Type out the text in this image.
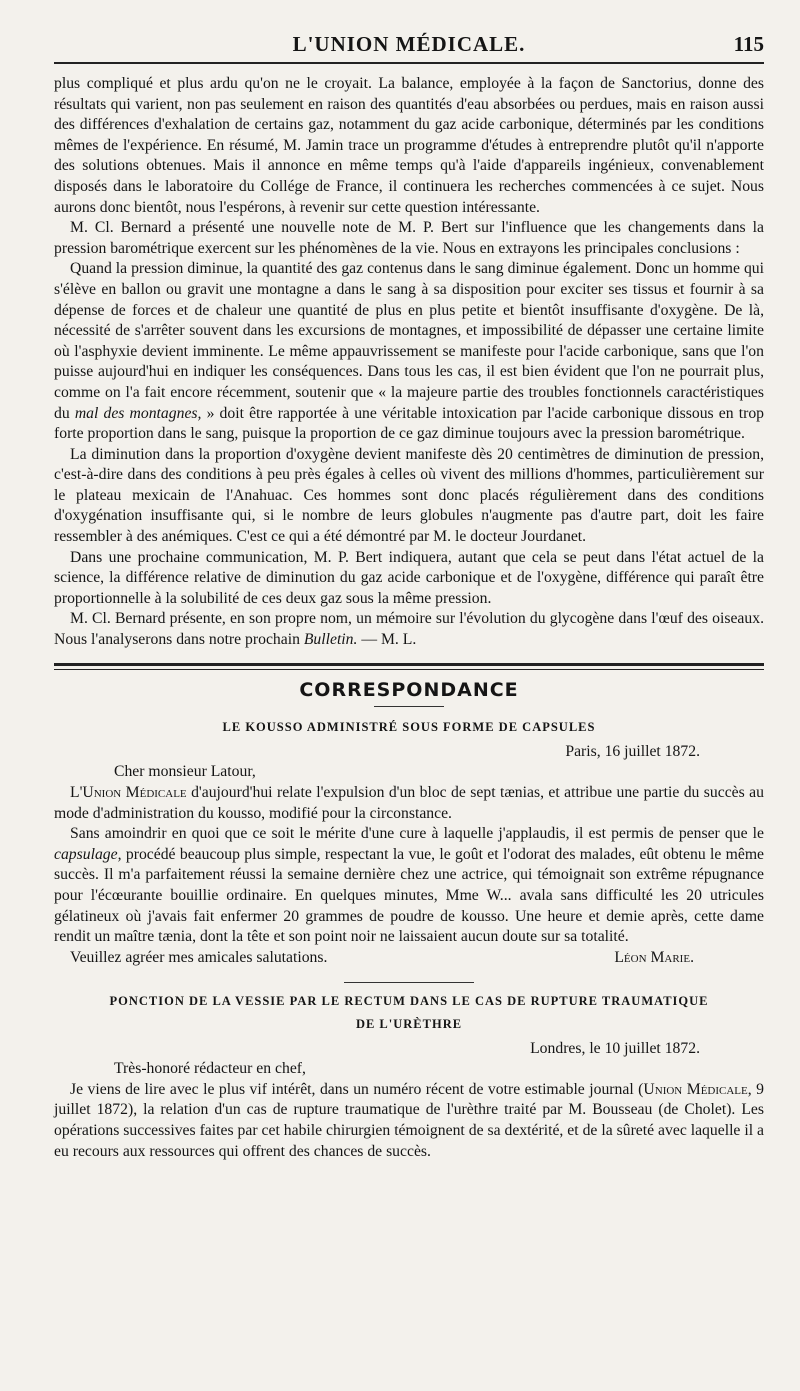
L'UNION MÉDICALE.	115

plus compliqué et plus ardu qu'on ne le croyait. La balance, employée à la façon de Sanctorius, donne des résultats qui varient, non pas seulement en raison des quantités d'eau absorbées ou perdues, mais en raison aussi des différences d'exhalation de certains gaz, notamment du gaz acide carbonique, déterminés par les conditions mêmes de l'expérience. En résumé, M. Jamin trace un programme d'études à entreprendre plutôt qu'il n'apporte des solutions obtenues. Mais il annonce en même temps qu'à l'aide d'appareils ingénieux, convenablement disposés dans le laboratoire du Collége de France, il continuera les recherches commencées à ce sujet. Nous aurons donc bientôt, nous l'espérons, à revenir sur cette question intéressante.

M. Cl. Bernard a présenté une nouvelle note de M. P. Bert sur l'influence que les changements dans la pression barométrique exercent sur les phénomènes de la vie. Nous en extrayons les principales conclusions :

Quand la pression diminue, la quantité des gaz contenus dans le sang diminue également. Donc un homme qui s'élève en ballon ou gravit une montagne a dans le sang à sa disposition pour exciter ses tissus et fournir à sa dépense de forces et de chaleur une quantité de plus en plus petite et bientôt insuffisante d'oxygène. De là, nécessité de s'arrêter souvent dans les excursions de montagnes, et impossibilité de dépasser une certaine limite où l'asphyxie devient imminente. Le même appauvrissement se manifeste pour l'acide carbonique, sans que l'on puisse aujourd'hui en indiquer les conséquences. Dans tous les cas, il est bien évident que l'on ne pourrait plus, comme on l'a fait encore récemment, soutenir que « la majeure partie des troubles fonctionnels caractéristiques du mal des montagnes, » doit être rapportée à une véritable intoxication par l'acide carbonique dissous en trop forte proportion dans le sang, puisque la proportion de ce gaz diminue toujours avec la pression barométrique.

La diminution dans la proportion d'oxygène devient manifeste dès 20 centimètres de diminution de pression, c'est-à-dire dans des conditions à peu près égales à celles où vivent des millions d'hommes, particulièrement sur le plateau mexicain de l'Anahuac. Ces hommes sont donc placés régulièrement dans des conditions d'oxygénation insuffisante qui, si le nombre de leurs globules n'augmente pas d'autre part, doit les faire ressembler à des anémiques. C'est ce qui a été démontré par M. le docteur Jourdanet.

Dans une prochaine communication, M. P. Bert indiquera, autant que cela se peut dans l'état actuel de la science, la différence relative de diminution du gaz acide carbonique et de l'oxygène, différence qui paraît être proportionnelle à la solubilité de ces deux gaz sous la même pression.

M. Cl. Bernard présente, en son propre nom, un mémoire sur l'évolution du glycogène dans l'œuf des oiseaux. Nous l'analyserons dans notre prochain Bulletin. — M. L.

CORRESPONDANCE
LE KOUSSO ADMINISTRÉ SOUS FORME DE CAPSULES

Paris, 16 juillet 1872.

Cher monsieur Latour,

L'Union Médicale d'aujourd'hui relate l'expulsion d'un bloc de sept tænias, et attribue une partie du succès au mode d'administration du kousso, modifié pour la circonstance.

Sans amoindrir en quoi que ce soit le mérite d'une cure à laquelle j'applaudis, il est permis de penser que le capsulage, procédé beaucoup plus simple, respectant la vue, le goût et l'odorat des malades, eût obtenu le même succès. Il m'a parfaitement réussi la semaine dernière chez une actrice, qui témoignait son extrême répugnance pour l'écœurante bouillie ordinaire. En quelques minutes, Mme W... avala sans difficulté les 20 utricules gélatineux où j'avais fait enfermer 20 grammes de poudre de kousso. Une heure et demie après, cette dame rendit un maître tænia, dont la tête et son point noir ne laissaient aucun doute sur sa totalité.

Veuillez agréer mes amicales salutations.	Léon Marie.
PONCTION DE LA VESSIE PAR LE RECTUM DANS LE CAS DE RUPTURE TRAUMATIQUE
DE L'URÈTHRE

Londres, le 10 juillet 1872.

Très-honoré rédacteur en chef,

Je viens de lire avec le plus vif intérêt, dans un numéro récent de votre estimable journal (Union Médicale, 9 juillet 1872), la relation d'un cas de rupture traumatique de l'urèthre traité par M. Bousseau (de Cholet). Les opérations successives faites par cet habile chirurgien témoignent de sa dextérité, et de la sûreté avec laquelle il a eu recours aux ressources qui offrent des chances de succès.
